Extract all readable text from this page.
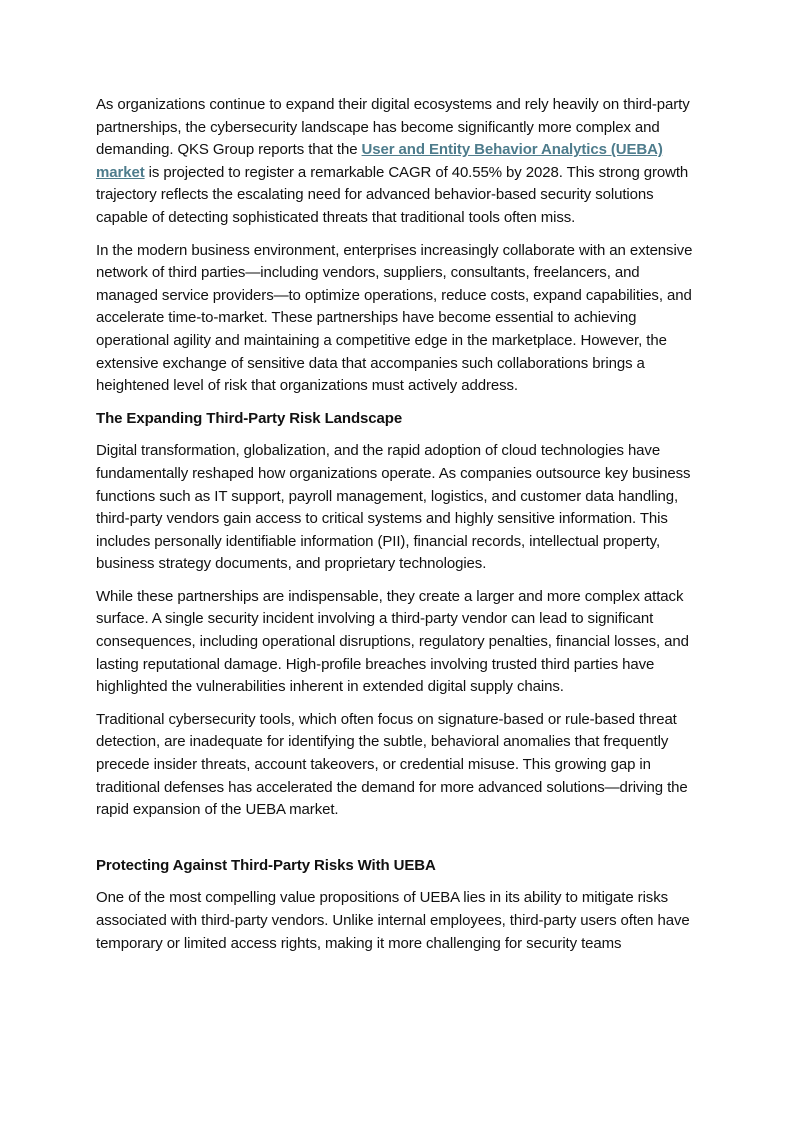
As organizations continue to expand their digital ecosystems and rely heavily on third-party partnerships, the cybersecurity landscape has become significantly more complex and demanding. QKS Group reports that the User and Entity Behavior Analytics (UEBA) market is projected to register a remarkable CAGR of 40.55% by 2028. This strong growth trajectory reflects the escalating need for advanced behavior-based security solutions capable of detecting sophisticated threats that traditional tools often miss.

In the modern business environment, enterprises increasingly collaborate with an extensive network of third parties—including vendors, suppliers, consultants, freelancers, and managed service providers—to optimize operations, reduce costs, expand capabilities, and accelerate time-to-market. These partnerships have become essential to achieving operational agility and maintaining a competitive edge in the marketplace. However, the extensive exchange of sensitive data that accompanies such collaborations brings a heightened level of risk that organizations must actively address.

The Expanding Third-Party Risk Landscape

Digital transformation, globalization, and the rapid adoption of cloud technologies have fundamentally reshaped how organizations operate. As companies outsource key business functions such as IT support, payroll management, logistics, and customer data handling, third-party vendors gain access to critical systems and highly sensitive information. This includes personally identifiable information (PII), financial records, intellectual property, business strategy documents, and proprietary technologies.

While these partnerships are indispensable, they create a larger and more complex attack surface. A single security incident involving a third-party vendor can lead to significant consequences, including operational disruptions, regulatory penalties, financial losses, and lasting reputational damage. High-profile breaches involving trusted third parties have highlighted the vulnerabilities inherent in extended digital supply chains.

Traditional cybersecurity tools, which often focus on signature-based or rule-based threat detection, are inadequate for identifying the subtle, behavioral anomalies that frequently precede insider threats, account takeovers, or credential misuse. This growing gap in traditional defenses has accelerated the demand for more advanced solutions—driving the rapid expansion of the UEBA market.

Protecting Against Third-Party Risks With UEBA

One of the most compelling value propositions of UEBA lies in its ability to mitigate risks associated with third-party vendors. Unlike internal employees, third-party users often have temporary or limited access rights, making it more challenging for security teams
